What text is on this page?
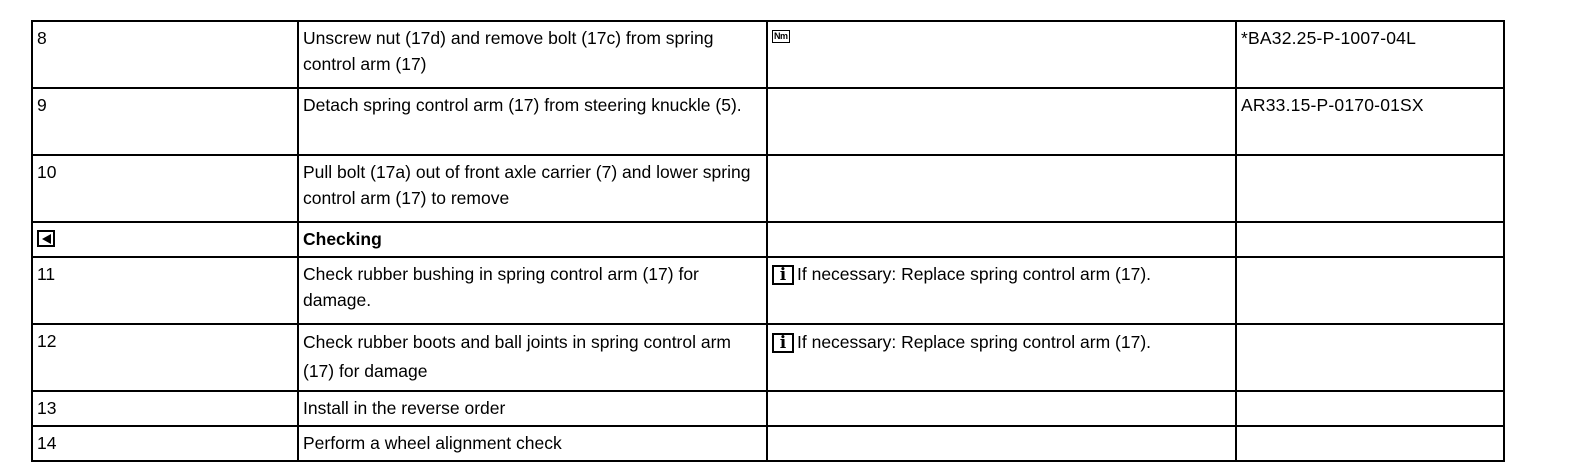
8	Unscrew nut (17d) and remove bolt (17c) from spring control arm (17)	Nm	*BA32.25-P-1007-04L
9	Detach spring control arm (17) from steering knuckle (5).		AR33.15-P-0170-01SX
10	Pull bolt (17a) out of front axle carrier (7) and lower spring control arm (17) to remove		
	Checking		
11	Check rubber bushing in spring control arm (17) for damage.	i If necessary: Replace spring control arm (17).	
12	Check rubber boots and ball joints in spring control arm (17) for damage	i If necessary: Replace spring control arm (17).	
13	Install in the reverse order		
14	Perform a wheel alignment check		
